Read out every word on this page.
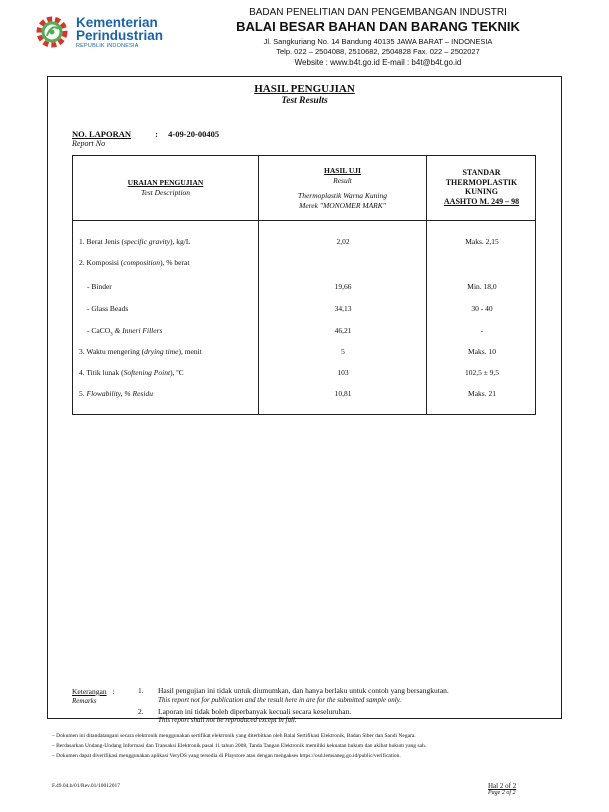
Kementerian
Perindustrian
REPUBLIK INDONESIA
BADAN PENELITIAN DAN PENGEMBANGAN INDUSTRI
BALAI BESAR BAHAN DAN BARANG TEKNIK
Jl. Sangkuriang No. 14 Bandung 40135 JAWA BARAT – INDONESIA
Telp. 022 – 2504088, 2510682, 2504828 Fax. 022 – 2502027
Website : www.b4t.go.id E-mail : b4t@b4t.go.id
HASIL PENGUJIAN
Test Results
NO. LAPORAN	: 4-09-20-00405
Report No
URAIAN PENGUJIAN
Test Description
HASIL UJI
Result
Thermoplastik Warna Kuning
Merek "MONOMER MARK"
STANDAR
THERMOPLASTIK
KUNING
AASHTO M. 249 – 98
1. Berat Jenis (specific gravity), kg/L	2,02	Maks. 2,15
2. Komposisi (composition), % berat
- Binder	19,66	Min. 18,0
- Glass Beads	34,13	30 - 40
- CaCO$_3$ & Inneri Fillers	46,21	-
3. Waktu mengering (drying time), menit	5	Maks. 10
4. Titik lunak (Softening Point), ºC	103	102,5 ± 9,5
5. Flowability, % Residu	10,81	Maks. 21
Keterangan :
Remarks
1. Hasil pengujian ini tidak untuk diumumkan, dan hanya berlaku untuk contoh yang bersangkutan.
This report not for publication and the result here in are for the submitted sample only.
2. Laporan ini tidak boleh diperbanyak kecuali secara keseluruhan.
This report shall not be reproduced except in full.
– Dokumen ini ditandatangani secara elektronik menggunakan sertifikat elektronik yang diterbitkan oleh Balai Sertifikasi Elektronik, Badan Siber dan Sandi Negara.
– Berdasarkan Undang-Undang Informasi dan Transaksi Elektronik pasal 11 tahun 2008, Tanda Tangan Elektronik memiliki kekuatan hukum dan akibat hukum yang sah.
– Dokumen dapat diverifikasi menggunakan aplikasi VeryDS yang tersedia di Playstore atau dengan mengakses https://osd.lemsaneg.go.id/public/verification.
F.49.04.b/01/Rev.01/10012017	Hal 2 of 2
Page 2 of 2
